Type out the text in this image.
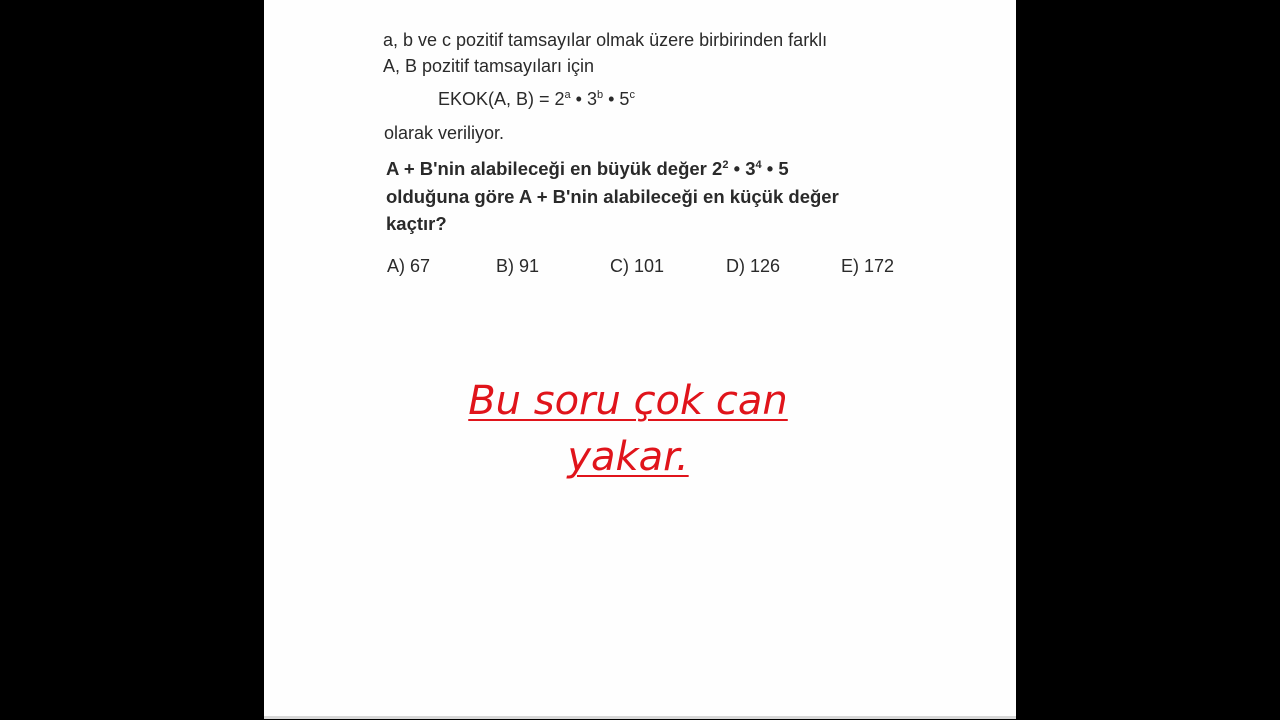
a, b ve c pozitif tamsayılar olmak üzere birbirinden farklı
A, B pozitif tamsayıları için
EKOK(A, $B) = 2^a$ • 3$^b$ • 5$^c$
olarak veriliyor.
A + B'nin alabileceği en büyük değer $2^2$ • $3^4$ • 5
olduğuna göre A + B'nin alabileceği en küçük değer
kaçtır?
A) 67	B) 91	C) 101	D) 126	E) 172
Bu soru çok can
yakar.
